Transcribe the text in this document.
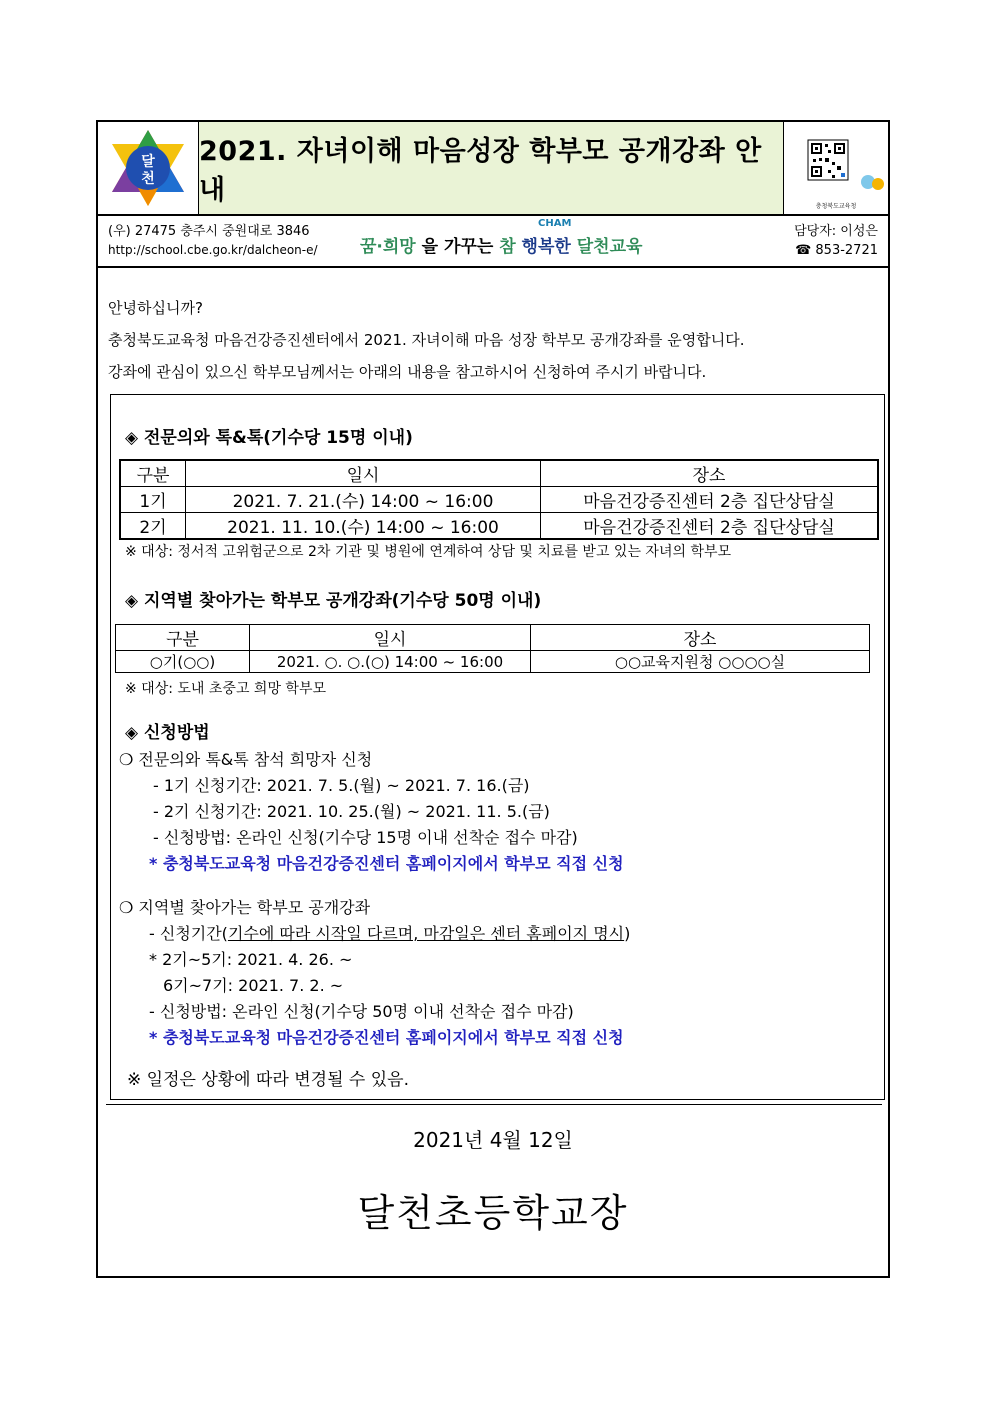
달
천
2021. 자녀이해 마음성장 학부모 공개강좌 안내
충청북도교육청
(우) 27475 충주시 중원대로 3846
http://school.cbe.go.kr/dalcheon-e/ 꿈·희망 을 가꾸는 참
CHAM
행복한 달천교육
담당자: 이성은
☎ 853-2721
안녕하십니까?
충청북도교육청 마음건강증진센터에서 2021. 자녀이해 마음 성장 학부모 공개강좌를 운영합니다.
강좌에 관심이 있으신 학부모님께서는 아래의 내용을 참고하시어 신청하여 주시기 바랍니다.
◈ 전문의와 톡&톡(기수당 15명 이내)
구분	일시	장소
1기	2021. 7. 21.(수) 14:00 ~ 16:00	마음건강증진센터 2층 집단상담실
2기	2021. 11. 10.(수) 14:00 ~ 16:00	마음건강증진센터 2층 집단상담실
※ 대상: 정서적 고위험군으로 2차 기관 및 병원에 연계하여 상담 및 치료를 받고 있는 자녀의 학부모
◈ 지역별 찾아가는 학부모 공개강좌(기수당 50명 이내)
구분	일시	장소
○기(○○)	2021. ○. ○.(○) 14:00 ~ 16:00	○○교육지원청 ○○○○실
※ 대상: 도내 초중고 희망 학부모
◈ 신청방법
❍ 전문의와 톡&톡 참석 희망자 신청
- 1기 신청기간: 2021. 7. 5.(월) ~ 2021. 7. 16.(금)
- 2기 신청기간: 2021. 10. 25.(월) ~ 2021. 11. 5.(금)
- 신청방법: 온라인 신청(기수당 15명 이내 선착순 접수 마감)
* 충청북도교육청 마음건강증진센터 홈페이지에서 학부모 직접 신청
❍ 지역별 찾아가는 학부모 공개강좌
- 신청기간(기수에 따라 시작일 다르며, 마감일은 센터 홈페이지 명시)
* 2기~5기: 2021. 4. 26. ~
6기~7기: 2021. 7. 2. ~
- 신청방법: 온라인 신청(기수당 50명 이내 선착순 접수 마감)
* 충청북도교육청 마음건강증진센터 홈페이지에서 학부모 직접 신청
※ 일정은 상황에 따라 변경될 수 있음.
2021년 4월 12일
달천초등학교장
